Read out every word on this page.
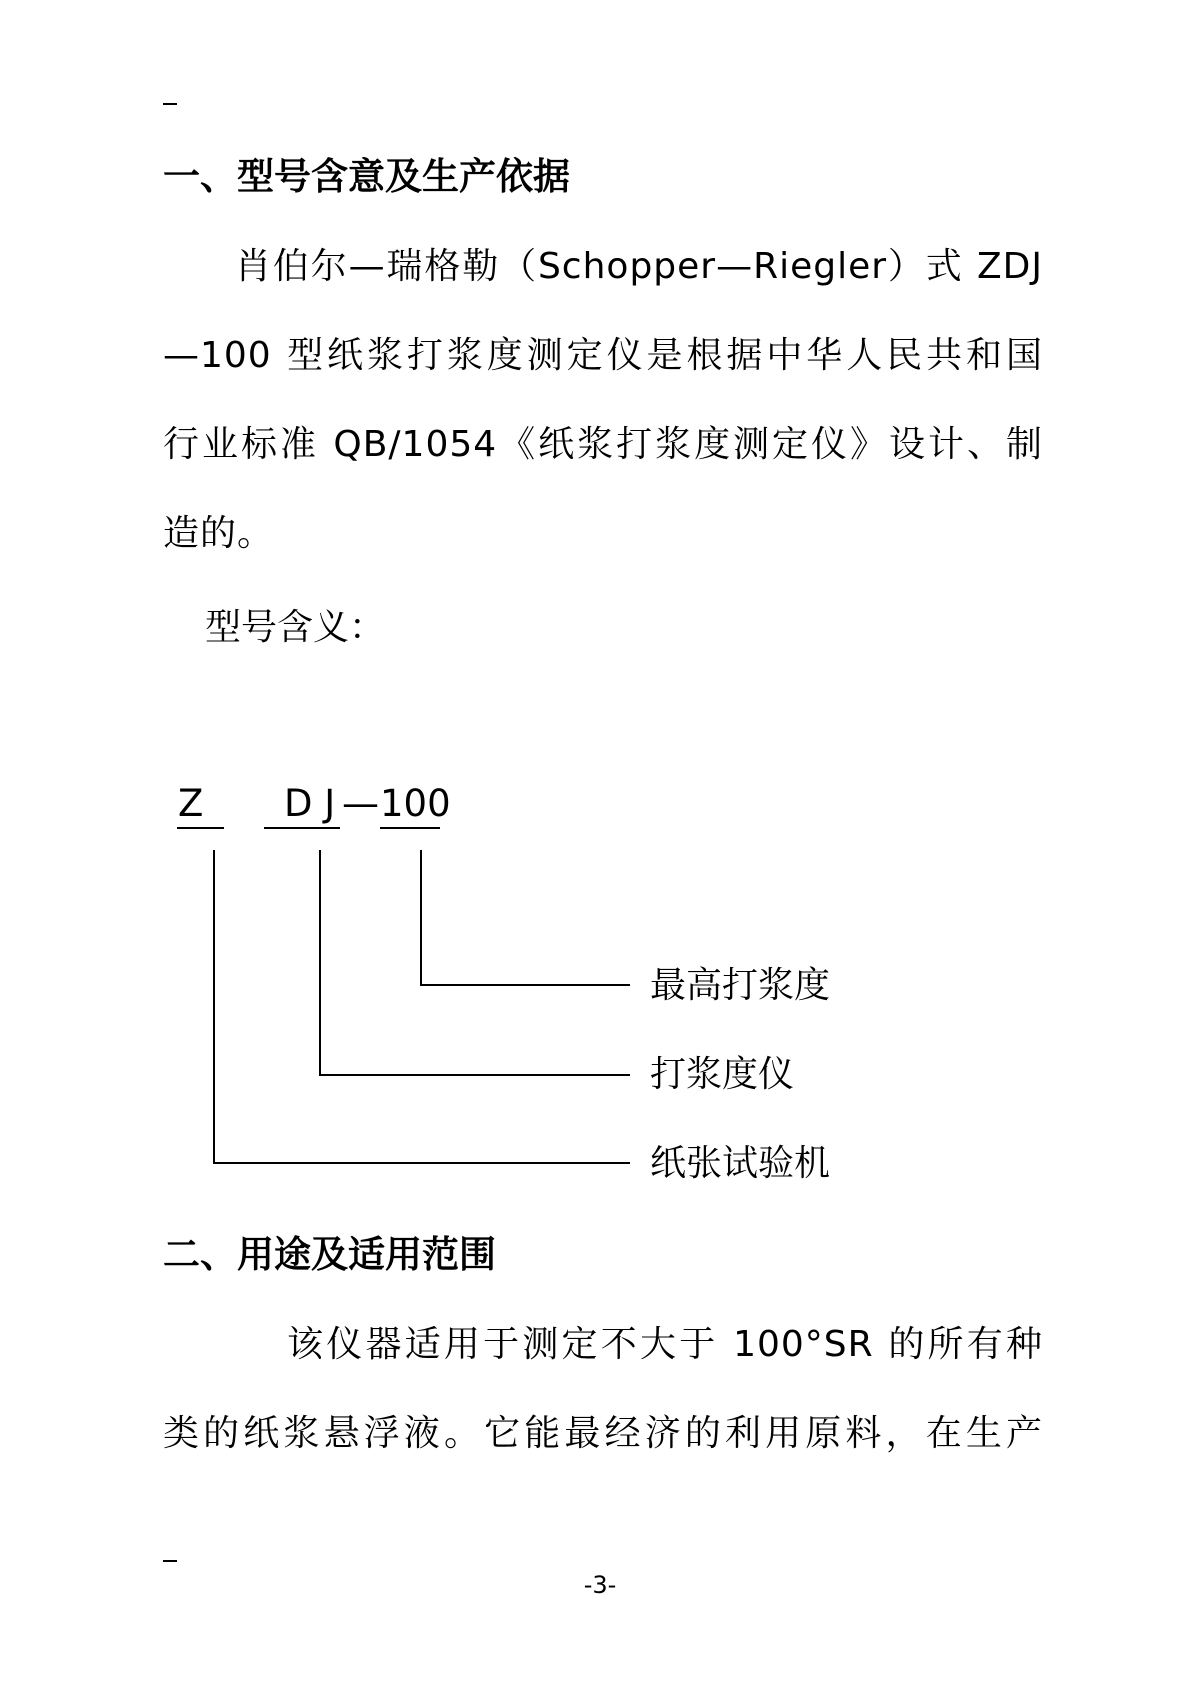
一、型号含意及生产依据

肖伯尔—瑞格勒（Schopper—Riegler）式 ZDJ

—100 型纸浆打浆度测定仪是根据中华人民共和国

行业标准 QB/1054《纸浆打浆度测定仪》设计、制

造的。

型号含义：

Z D J — 100
最高打浆度
打浆度仪
纸张试验机
二、用途及适用范围

该仪器适用于测定不大于 100°SR 的所有种

类的纸浆悬浮液。它能最经济的利用原料，在生产

-3-
